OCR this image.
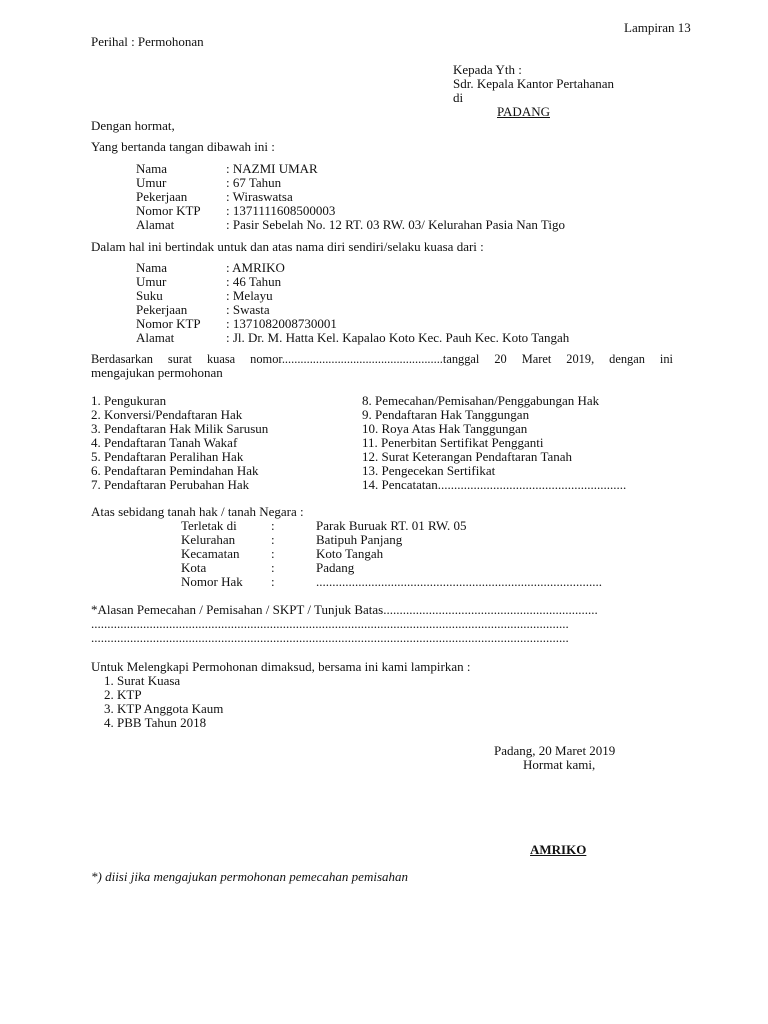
Lampiran 13
Perihal : Permohonan
Kepada Yth :
Sdr. Kepala Kantor Pertahanan
di
PADANG
Dengan hormat,
Yang bertanda tangan dibawah ini :
Nama	: NAZMI UMAR
Umur	: 67 Tahun
Pekerjaan	: Wiraswatsa
Nomor KTP : 1371111608500003
Alamat	: Pasir Sebelah No. 12 RT. 03 RW. 03/ Kelurahan Pasia Nan Tigo
Dalam hal ini bertindak untuk dan atas nama diri sendiri/selaku kuasa dari :
Nama	: AMRIKO
Umur	: 46 Tahun
Suku	: Melayu
Pekerjaan	: Swasta
Nomor KTP : 1371082008730001
Alamat	: Jl. Dr. M. Hatta Kel. Kapalao Koto Kec. Pauh Kec. Koto Tangah
Berdasarkan surat kuasa nomor....................................................tanggal 20 Maret 2019, dengan ini
mengajukan permohonan
1. Pengukuran
2. Konversi/Pendaftaran Hak
3. Pendaftaran Hak Milik Sarusun
4. Pendaftaran Tanah Wakaf
5. Pendaftaran Peralihan Hak
6. Pendaftaran Pemindahan Hak
7. Pendaftaran Perubahan Hak
8. Pemecahan/Pemisahan/Penggabungan Hak
9. Pendaftaran Hak Tanggungan
10. Roya Atas Hak Tanggungan
11. Penerbitan Sertifikat Pengganti
12. Surat Keterangan Pendaftaran Tanah
13. Pengecekan Sertifikat
14. Pencatatan..........................................................
Atas sebidang tanah hak / tanah Negara :
Terletak di	:	Parak Buruak RT. 01 RW. 05
Kelurahan	:	Batipuh Panjang
Kecamatan :	Koto Tangah
Kota	:	Padang
Nomor Hak :	........................................................................................
*Alasan Pemecahan / Pemisahan / SKPT / Tunjuk Batas..................................................................
...................................................................................................................................................
...................................................................................................................................................
Untuk Melengkapi Permohonan dimaksud, bersama ini kami lampirkan :
1. Surat Kuasa
2. KTP
3. KTP Anggota Kaum
4. PBB Tahun 2018
Padang, 20 Maret 2019
Hormat kami,
AMRIKO
*) diisi jika mengajukan permohonan pemecahan pemisahan
